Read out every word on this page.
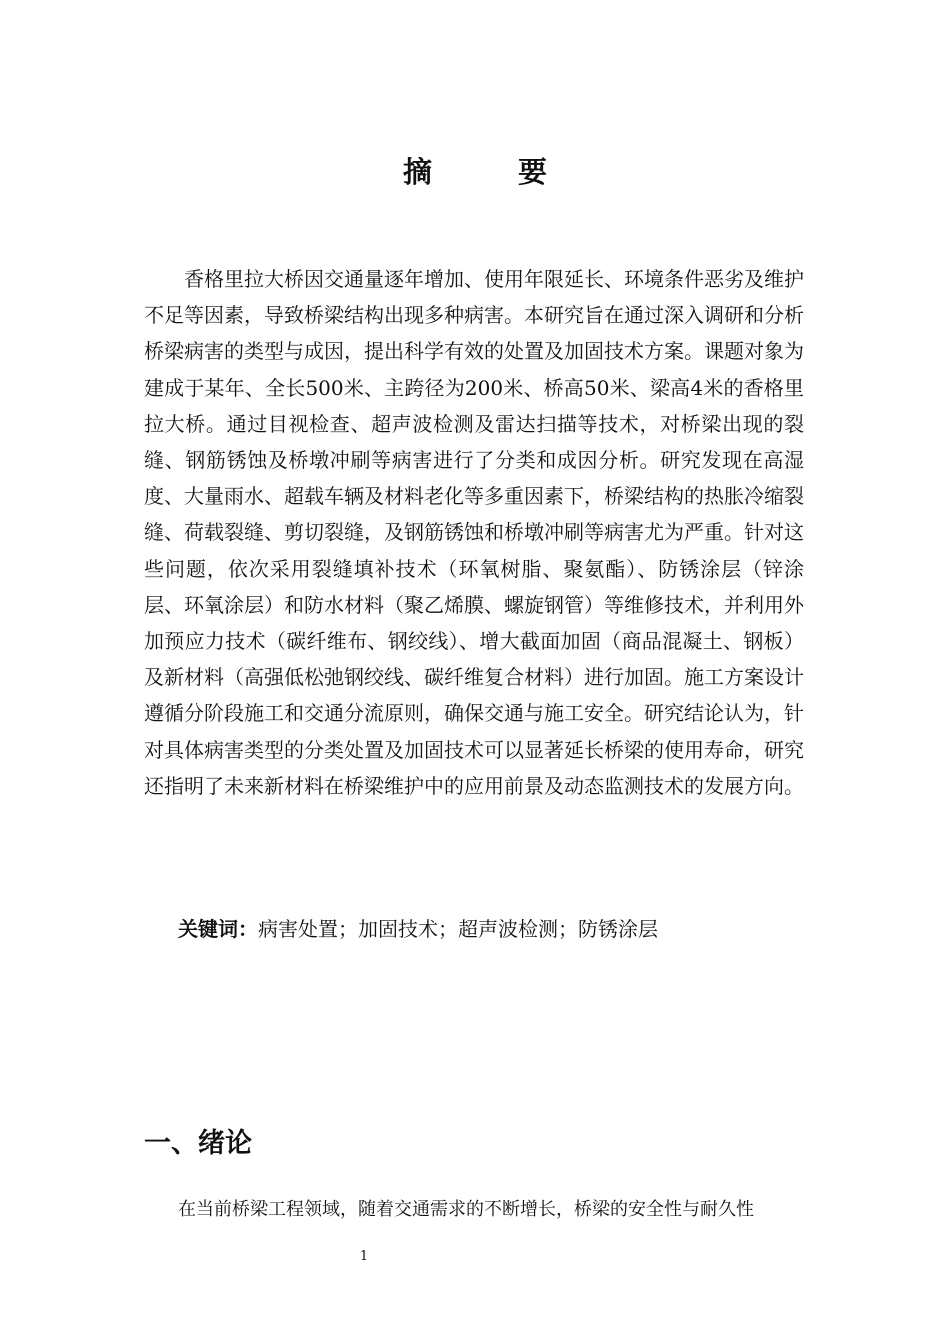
摘 要

香格里拉大桥因交通量逐年增加、使用年限延长、环境条件恶劣及维护不足等因素，导致桥梁结构出现多种病害。本研究旨在通过深入调研和分析桥梁病害的类型与成因，提出科学有效的处置及加固技术方案。课题对象为建成于某年、全长500米、主跨径为200米、桥高50米、梁高4米的香格里拉大桥。通过目视检查、超声波检测及雷达扫描等技术，对桥梁出现的裂缝、钢筋锈蚀及桥墩冲刷等病害进行了分类和成因分析。研究发现在高湿度、大量雨水、超载车辆及材料老化等多重因素下，桥梁结构的热胀冷缩裂缝、荷载裂缝、剪切裂缝，及钢筋锈蚀和桥墩冲刷等病害尤为严重。针对这些问题，依次采用裂缝填补技术（环氧树脂、聚氨酯）、防锈涂层（锌涂层、环氧涂层）和防水材料（聚乙烯膜、螺旋钢管）等维修技术，并利用外加预应力技术（碳纤维布、钢绞线）、增大截面加固（商品混凝土、钢板）及新材料（高强低松弛钢绞线、碳纤维复合材料）进行加固。施工方案设计遵循分阶段施工和交通分流原则，确保交通与施工安全。研究结论认为，针对具体病害类型的分类处置及加固技术可以显著延长桥梁的使用寿命，研究还指明了未来新材料在桥梁维护中的应用前景及动态监测技术的发展方向。

关键词：病害处置；加固技术；超声波检测；防锈涂层

一、绪论

在当前桥梁工程领域，随着交通需求的不断增长，桥梁的安全性与耐久性

1
